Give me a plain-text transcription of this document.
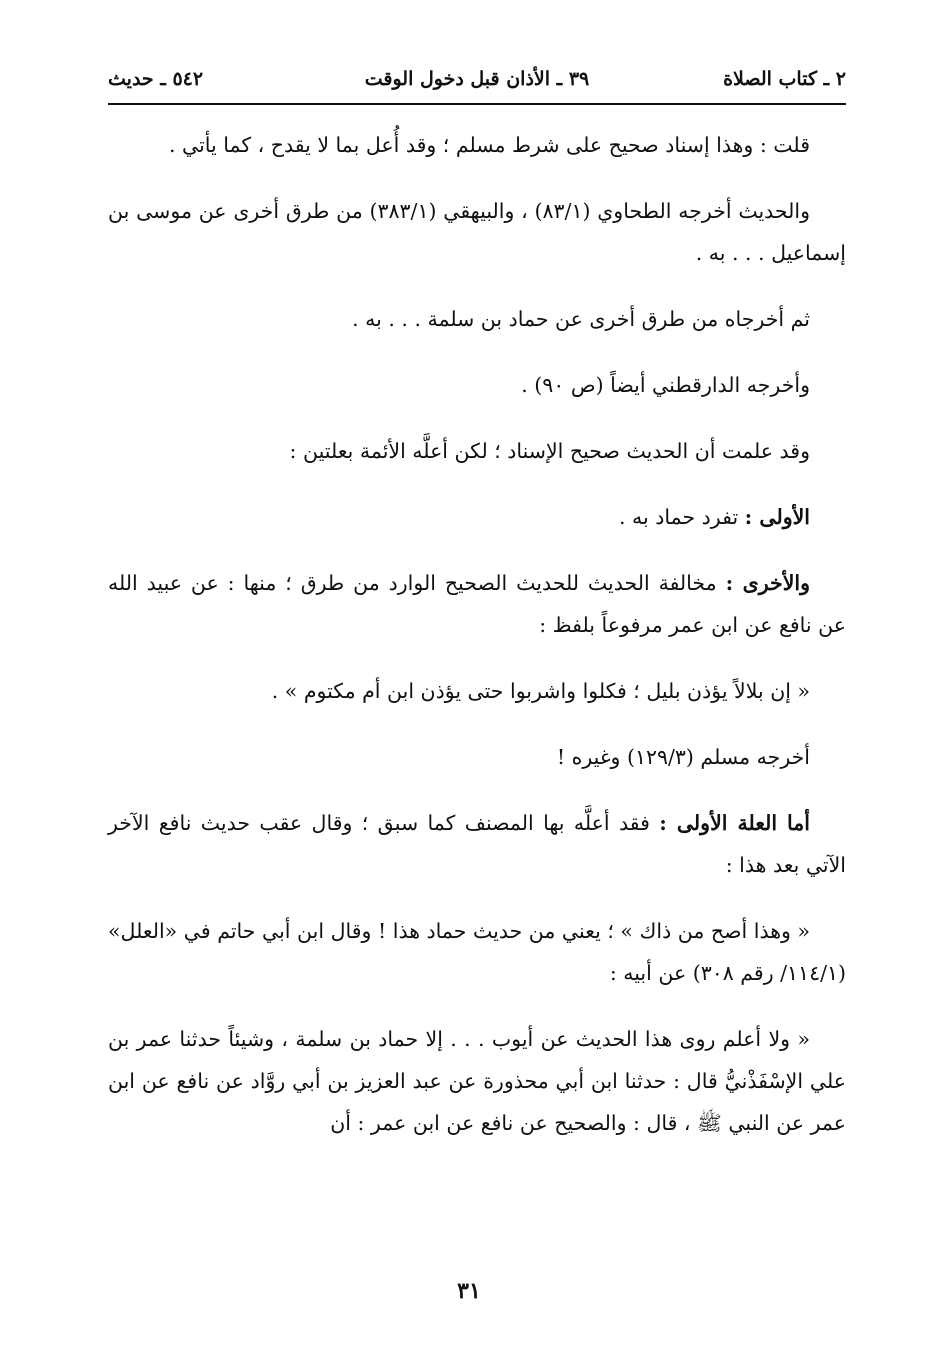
٢ ـ كتاب الصلاة
٣٩ ـ الأذان قبل دخول الوقت
٥٤٢ ـ حديث

قلت : وهذا إسناد صحيح على شرط مسلم ؛ وقد أُعل بما لا يقدح ، كما يأتي .

والحديث أخرجه الطحاوي (٨٣/١) ، والبيهقي (٣٨٣/١) من طرق أخرى عن موسى بن إسماعيل . . . به .

ثم أخرجاه من طرق أخرى عن حماد بن سلمة . . . به .

وأخرجه الدارقطني أيضاً (ص ٩٠) .

وقد علمت أن الحديث صحيح الإسناد ؛ لكن أعلَّه الأئمة بعلتين :

الأولى : تفرد حماد به .

والأخرى : مخالفة الحديث للحديث الصحيح الوارد من طرق ؛ منها : عن عبيد الله عن نافع عن ابن عمر مرفوعاً بلفظ :

« إن بلالاً يؤذن بليل ؛ فكلوا واشربوا حتى يؤذن ابن أم مكتوم » .

أخرجه مسلم (١٢٩/٣) وغيره !

أما العلة الأولى : فقد أعلَّه بها المصنف كما سبق ؛ وقال عقب حديث نافع الآخر الآتي بعد هذا :

« وهذا أصح من ذاك » ؛ يعني من حديث حماد هذا ! وقال ابن أبي حاتم في «العلل» (١١٤/١/ رقم ٣٠٨) عن أبيه :

« ولا أعلم روى هذا الحديث عن أيوب . . . إلا حماد بن سلمة ، وشيئاً حدثنا عمر بن علي الإسْفَذْنيُّ قال : حدثنا ابن أبي محذورة عن عبد العزيز بن أبي روَّاد عن نافع عن ابن عمر عن النبي ﷺ ، قال : والصحيح عن نافع عن ابن عمر : أن

٣١
